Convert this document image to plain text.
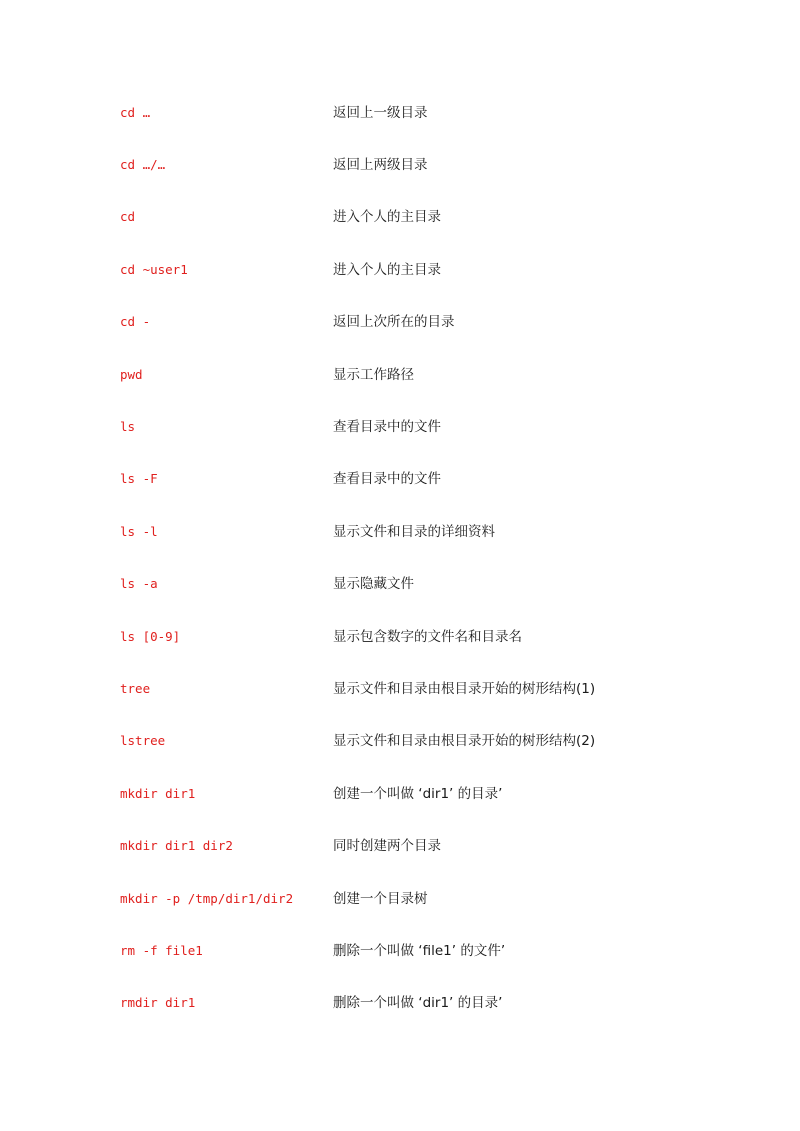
cd …	返回上一级目录
cd …/…	返回上两级目录
cd	进入个人的主目录
cd ~user1	进入个人的主目录
cd -	返回上次所在的目录
pwd	显示工作路径
ls	查看目录中的文件
ls -F	查看目录中的文件
ls -l	显示文件和目录的详细资料
ls -a	显示隐藏文件
ls [0-9]	显示包含数字的文件名和目录名
tree	显示文件和目录由根目录开始的树形结构(1)
lstree	显示文件和目录由根目录开始的树形结构(2)
mkdir dir1	创建一个叫做 ‘dir1’ 的目录’
mkdir dir1 dir2	同时创建两个目录
mkdir -p /tmp/dir1/dir2	创建一个目录树
rm -f file1	删除一个叫做 ‘file1’ 的文件’
rmdir dir1	删除一个叫做 ‘dir1’ 的目录’
